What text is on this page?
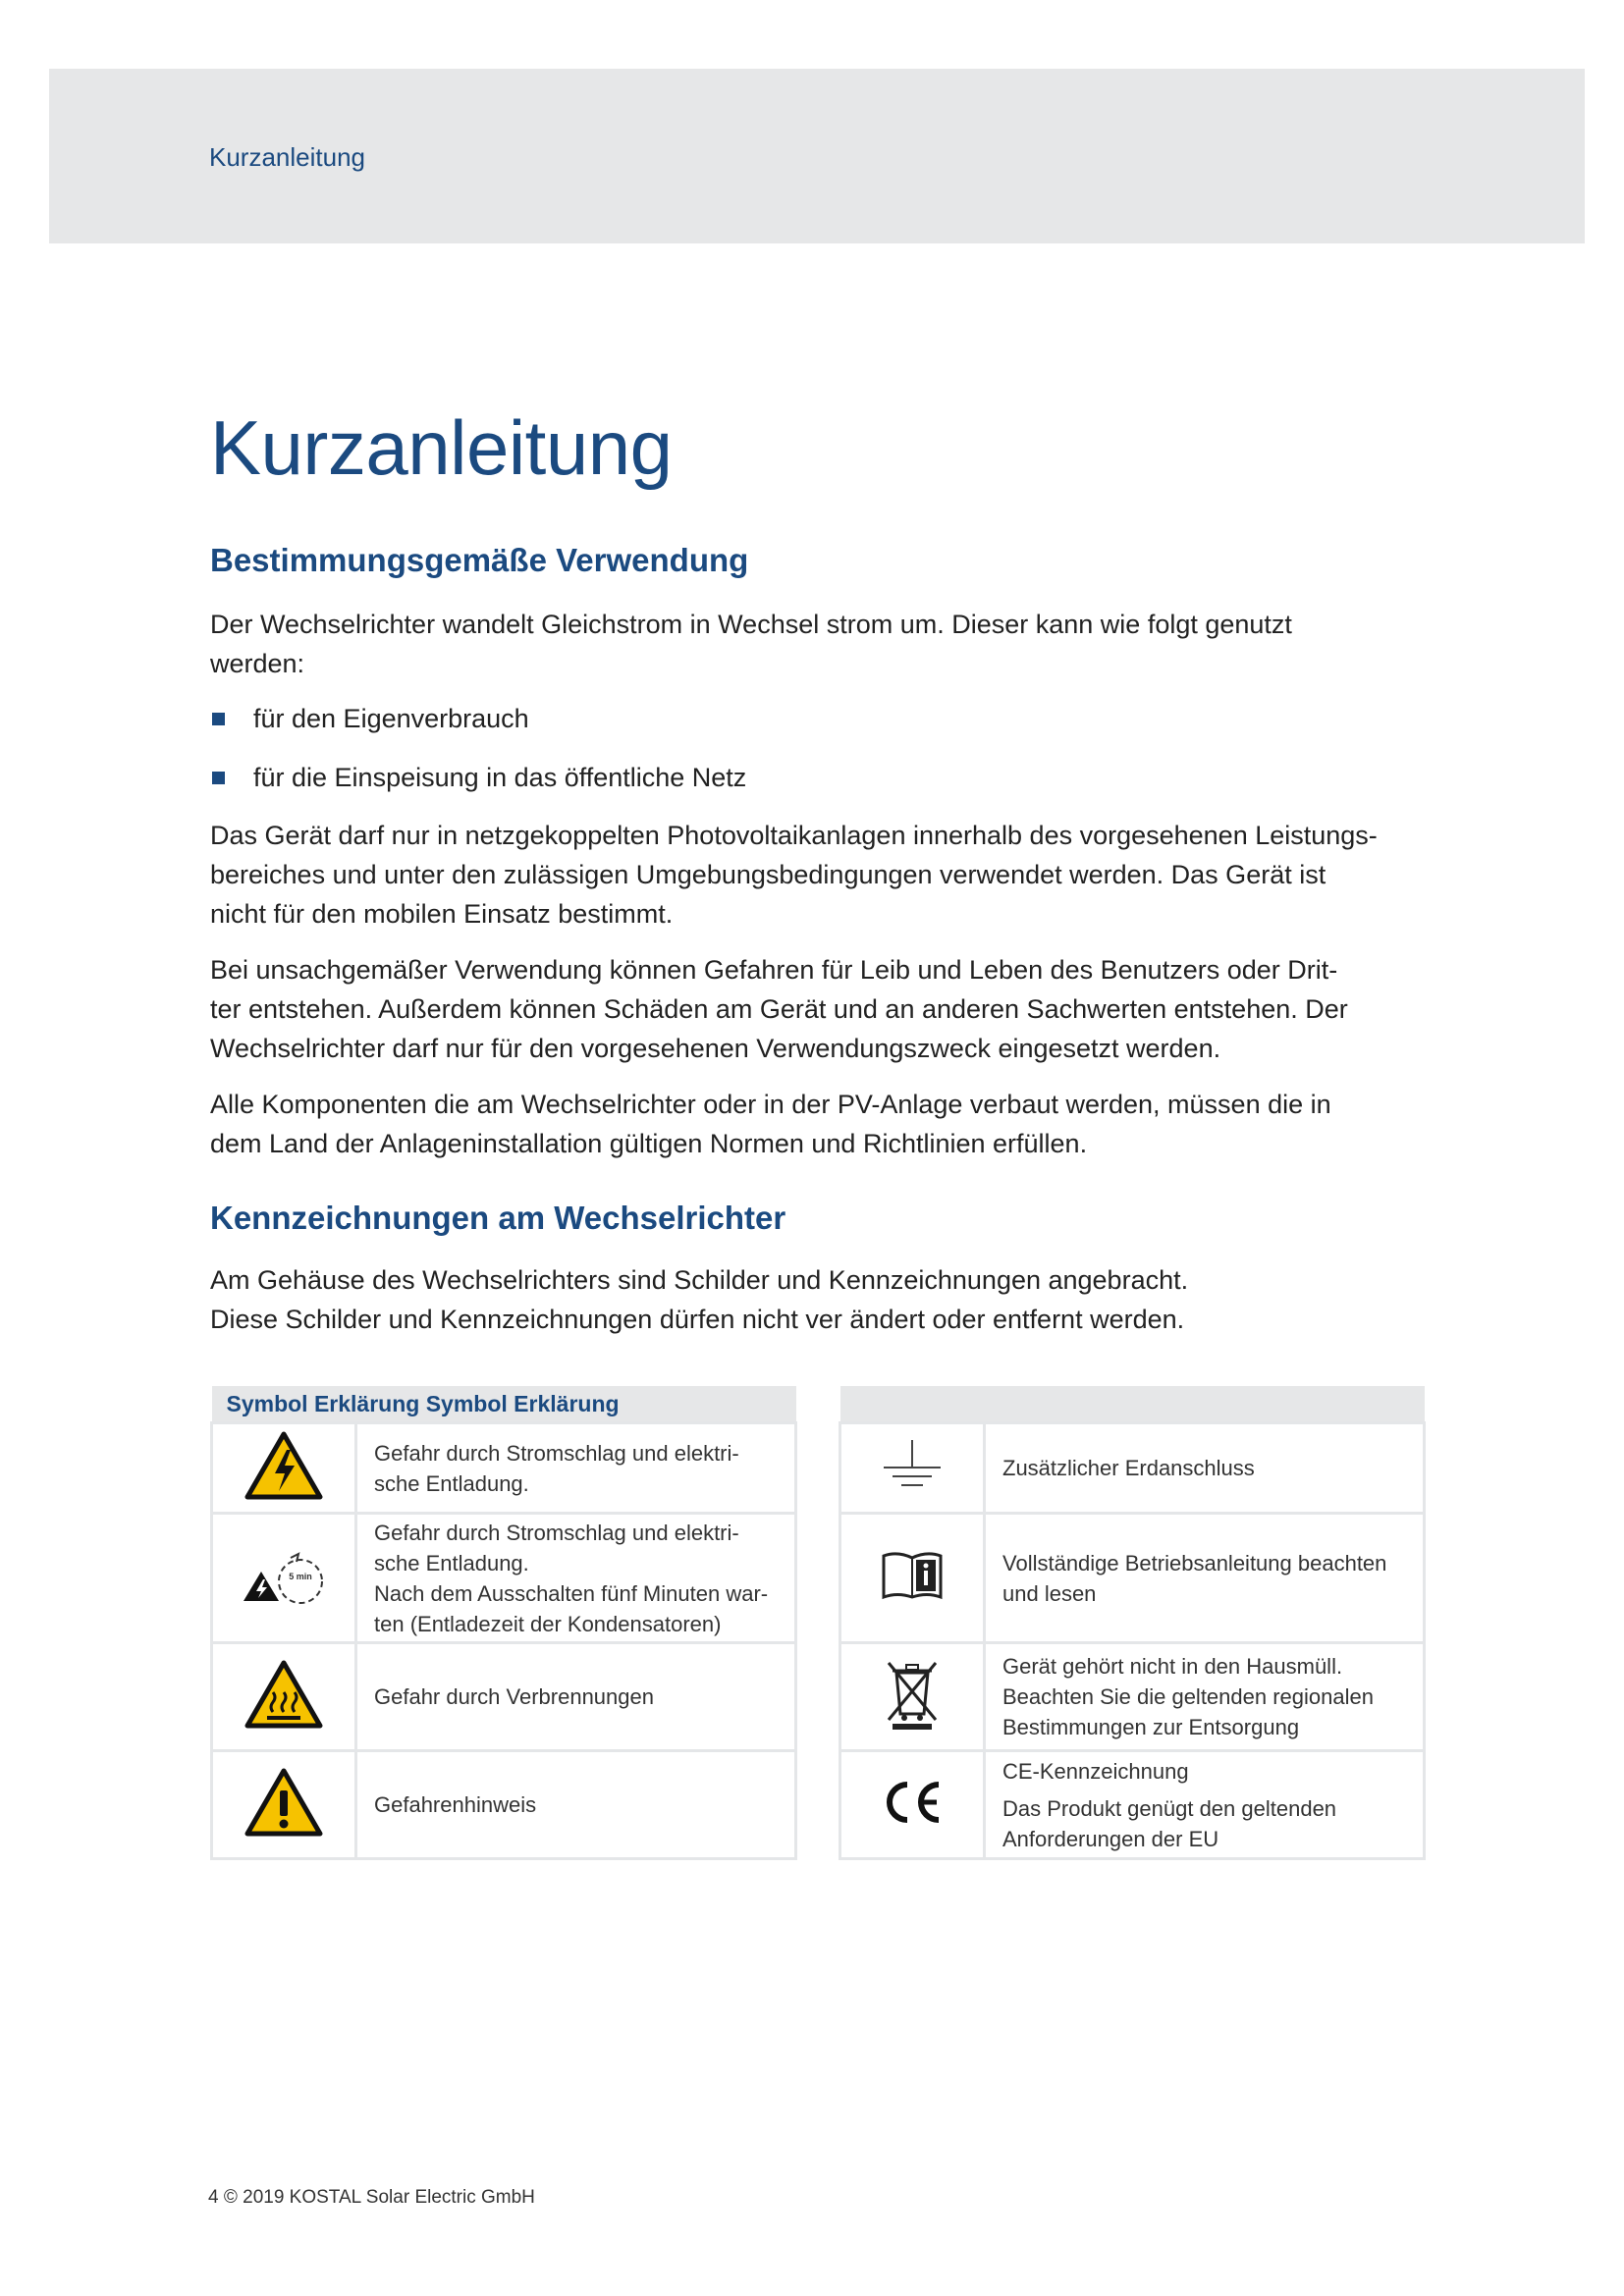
Kurzanleitung
Kurzanleitung
Bestimmungsgemäße Verwendung

Der Wechselrichter wandelt Gleichstrom in Wechsel strom um. Dieser kann wie folgt genutzt

werden:

für den Eigenverbrauch
für die Einspeisung in das öffentliche Netz

Das Gerät darf nur in netzgekoppelten Photovoltaikanlagen innerhalb des vorgesehenen Leistungs-

bereiches und unter den zulässigen Umgebungsbedingungen verwendet werden. Das Gerät ist

nicht für den mobilen Einsatz bestimmt.

Bei unsachgemäßer Verwendung können Gefahren für Leib und Leben des Benutzers oder Drit-

ter entstehen. Außerdem können Schäden am Gerät und an anderen Sachwerten entstehen. Der

Wechselrichter darf nur für den vorgesehenen Verwendungszweck eingesetzt werden.

Alle Komponenten die am Wechselrichter oder in der PV-Anlage verbaut werden, müssen die in

dem Land der Anlageninstallation gültigen Normen und Richtlinien erfüllen.

Kennzeichnungen am Wechselrichter

Am Gehäuse des Wechselrichters sind Schilder und Kennzeichnungen angebracht.

Diese Schilder und Kennzeichnungen dürfen nicht ver ändert oder entfernt werden.

Symbol Erklärung Symbol Erklärung	

Gefahr durch Stromschlag und elektri-
sche Entladung.

5 min	Gefahr durch Stromschlag und elektri-
sche Entladung.
Nach dem Ausschalten fünf Minuten war-
ten (Entladezeit der Kondensatoren)

Gefahr durch Verbrennungen

Gefahrenhinweis

Zusätzlicher Erdanschluss

Vollständige Betriebsanleitung beachten
und lesen

Gerät gehört nicht in den Hausmüll.
Beachten Sie die geltenden regionalen
Bestimmungen zur Entsorgung

CE-Kennzeichnung
Das Produkt genügt den geltenden
Anforderungen der EU
4 © 2019 KOSTAL Solar Electric GmbH
